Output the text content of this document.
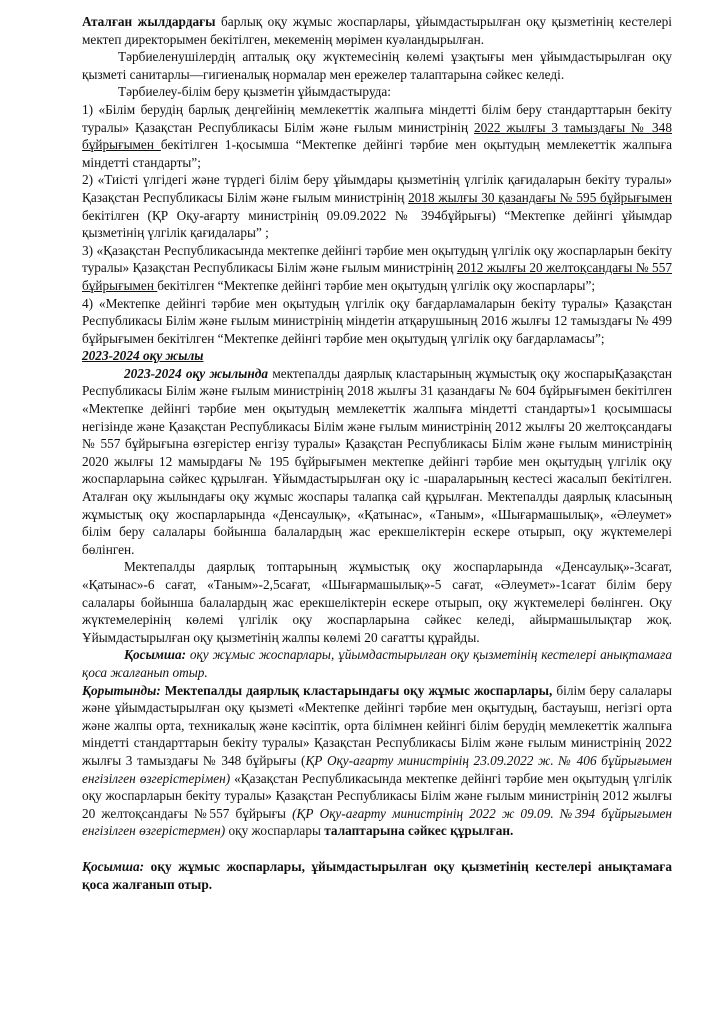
Аталған жылдардағы барлық оқу жұмыс жоспарлары, ұйымдастырылған оқу қызметінің кестелері мектеп директорымен бекітілген, мекеменің мөрімен куәландырылған.

Тәрбиеленушілердің апталық оқу жүктемесінің көлемі ұзақтығы мен ұйымдастырылған оқу қызметі санитарлы—гигиеналық нормалар мен ережелер талаптарына сәйкес келеді.

Тәрбиелеу-білім беру қызметін ұйымдастыруда:

1) «Білім берудің барлық деңгейінің мемлекеттік жалпыға міндетті білім беру стандарттарын бекіту туралы» Қазақстан Республикасы Білім және ғылым министрінің 2022 жылғы 3 тамыздағы № 348 бұйрығымен бекітілген 1-қосымша “Мектепке дейінгі тәрбие мен оқытудың мемлекеттік жалпыға міндетті стандарты”;

2) «Тиісті үлгідегі және түрдегі білім беру ұйымдары қызметінің үлгілік қағидаларын бекіту туралы» Қазақстан Республикасы Білім және ғылым министрінің 2018 жылғы 30 қазандағы № 595 бұйрығымен бекітілген (ҚР Оқу-ағарту министрінің 09.09.2022 № 394бұйрығы) “Мектепке дейінгі ұйымдар қызметінің үлгілік қағидалары” ;

3) «Қазақстан Республикасында мектепке дейінгі тәрбие мен оқытудың үлгілік оқу жоспарларын бекіту туралы» Қазақстан Республикасы Білім және ғылым министрінің 2012 жылғы 20 желтоқсандағы № 557 бұйрығымен бекітілген “Мектепке дейінгі тәрбие мен оқытудың үлгілік оқу жоспарлары”;

4) «Мектепке дейінгі тәрбие мен оқытудың үлгілік оқу бағдарламаларын бекіту туралы» Қазақстан Республикасы Білім және ғылым министрінің міндетін атқарушының 2016 жылғы 12 тамыздағы № 499 бұйрығымен бекітілген “Мектепке дейінгі тәрбие мен оқытудың үлгілік оқу бағдарламасы”;

2023-2024 оқу жылы

2023-2024 оқу жылында мектепалды даярлық кластарының жұмыстық оқу жоспарыҚазақстан Республикасы Білім және ғылым министрінің 2018 жылғы 31 қазандағы № 604 бұйрығымен бекітілген «Мектепке дейінгі тәрбие мен оқытудың мемлекеттік жалпыға міндетті стандарты»1 қосымшасы негізінде және Қазақстан Республикасы Білім және ғылым министрінің 2012 жылғы 20 желтоқсандағы № 557 бұйрығына өзгерістер енгізу туралы» Қазақстан Республикасы Білім және ғылым министрінің 2020 жылғы 12 мамырдағы № 195 бұйрығымен мектепке дейінгі тәрбие мен оқытудың үлгілік оқу жоспарларына сәйкес құрылған. Ұйымдастырылған оқу іс -шараларының кестесі жасалып бекітілген. Аталған оқу жылындағы оқу жұмыс жоспары талапқа сай құрылған. Мектепалды даярлық класының жұмыстық оқу жоспарларында «Денсаулық», «Қатынас», «Таным», «Шығармашылық», «Әлеумет» білім беру салалары бойынша балалардың жас ерекшеліктерін ескере отырып, оқу жүктемелері бөлінген.

Мектепалды даярлық топтарының жұмыстық оқу жоспарларында «Денсаулық»-3сағат, «Қатынас»-6 сағат, «Таным»-2,5сағат, «Шығармашылық»-5 сағат, «Әлеумет»-1сағат білім беру салалары бойынша балалардың жас ерекшеліктерін ескере отырып, оқу жүктемелері бөлінген. Оқу жүктемелерінің көлемі үлгілік оқу жоспарларына сәйкес келеді, айырмашылықтар жоқ. Ұйымдастырылған оқу қызметінің жалпы көлемі 20 сағатты құрайды.

Қосымша: оқу жұмыс жоспарлары, ұйымдастырылған оқу қызметінің кестелері анықтамаға қоса жалғанып отыр.

Қорытынды: Мектепалды даярлық кластарындағы оқу жұмыс жоспарлары, білім беру салалары және ұйымдастырылған оқу қызметі «Мектепке дейінгі тәрбие мен оқытудың, бастауыш, негізгі орта және жалпы орта, техникалық және кәсіптік, орта білімнен кейінгі білім берудің мемлекеттік жалпыға міндетті стандарттарын бекіту туралы» Қазақстан Республикасы Білім және ғылым министрінің 2022 жылғы 3 тамыздағы № 348 бұйрығы (ҚР Оқу-ағарту министрінің 23.09.2022 ж. № 406 бұйрығымен енгізілген өзгерістерімен) «Қазақстан Республикасында мектепке дейінгі тәрбие мен оқытудың үлгілік оқу жоспарларын бекіту туралы» Қазақстан Республикасы Білім және ғылым министрінің 2012 жылғы 20 желтоқсандағы №557 бұйрығы (ҚР Оқу-ағарту министрінің 2022 ж 09.09. №394 бұйрығымен енгізілген өзгерістермен) оқу жоспарлары талаптарына сәйкес құрылған.

Қосымша: оқу жұмыс жоспарлары, ұйымдастырылған оқу қызметінің кестелері анықтамаға қоса жалғанып отыр.
